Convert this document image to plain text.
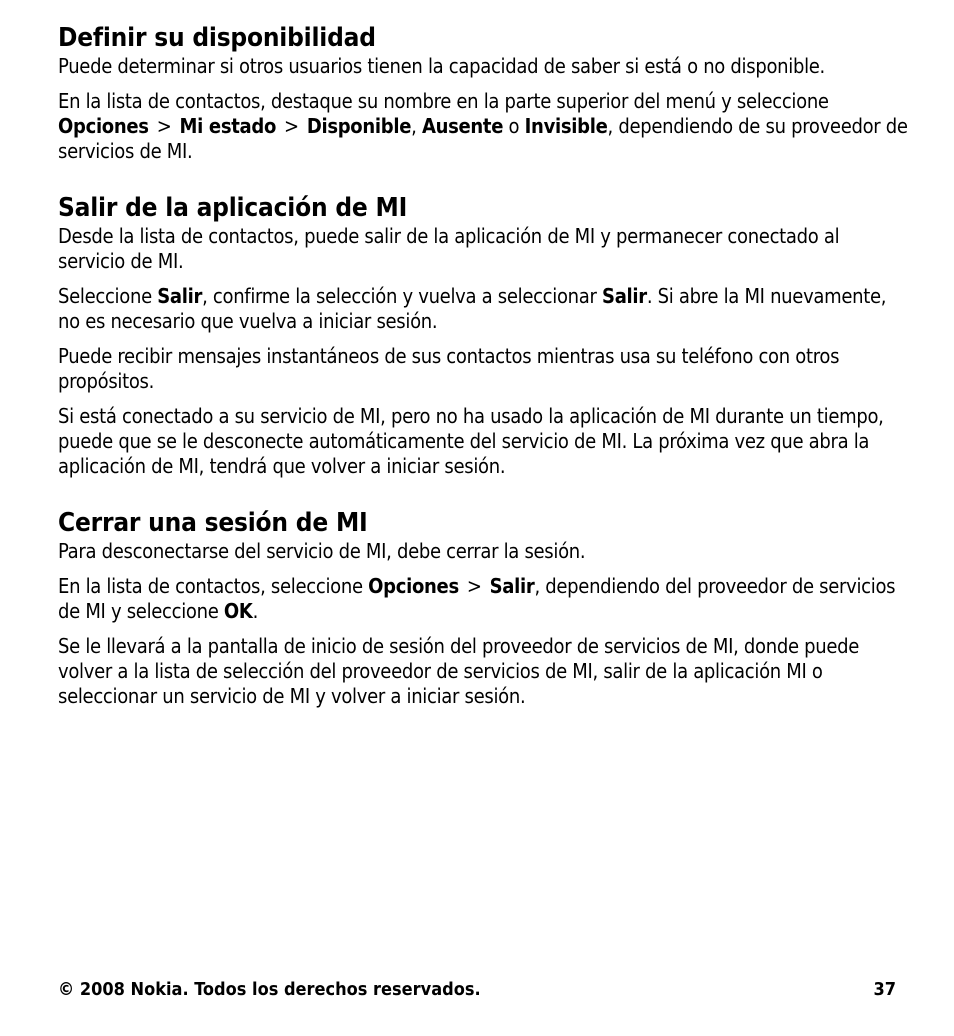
Definir su disponibilidad

Puede determinar si otros usuarios tienen la capacidad de saber si está o no disponible.

En la lista de contactos, destaque su nombre en la parte superior del menú y seleccione Opciones > Mi estado > Disponible, Ausente o Invisible, dependiendo de su proveedor de servicios de MI.

Salir de la aplicación de MI

Desde la lista de contactos, puede salir de la aplicación de MI y permanecer conectado al servicio de MI.

Seleccione Salir, confirme la selección y vuelva a seleccionar Salir. Si abre la MI nuevamente, no es necesario que vuelva a iniciar sesión.

Puede recibir mensajes instantáneos de sus contactos mientras usa su teléfono con otros propósitos.

Si está conectado a su servicio de MI, pero no ha usado la aplicación de MI durante un tiempo, puede que se le desconecte automáticamente del servicio de MI. La próxima vez que abra la aplicación de MI, tendrá que volver a iniciar sesión.

Cerrar una sesión de MI

Para desconectarse del servicio de MI, debe cerrar la sesión.

En la lista de contactos, seleccione Opciones > Salir, dependiendo del proveedor de servicios de MI y seleccione OK.

Se le llevará a la pantalla de inicio de sesión del proveedor de servicios de MI, donde puede volver a la lista de selección del proveedor de servicios de MI, salir de la aplicación MI o seleccionar un servicio de MI y volver a iniciar sesión.

© 2008 Nokia. Todos los derechos reservados.	37
